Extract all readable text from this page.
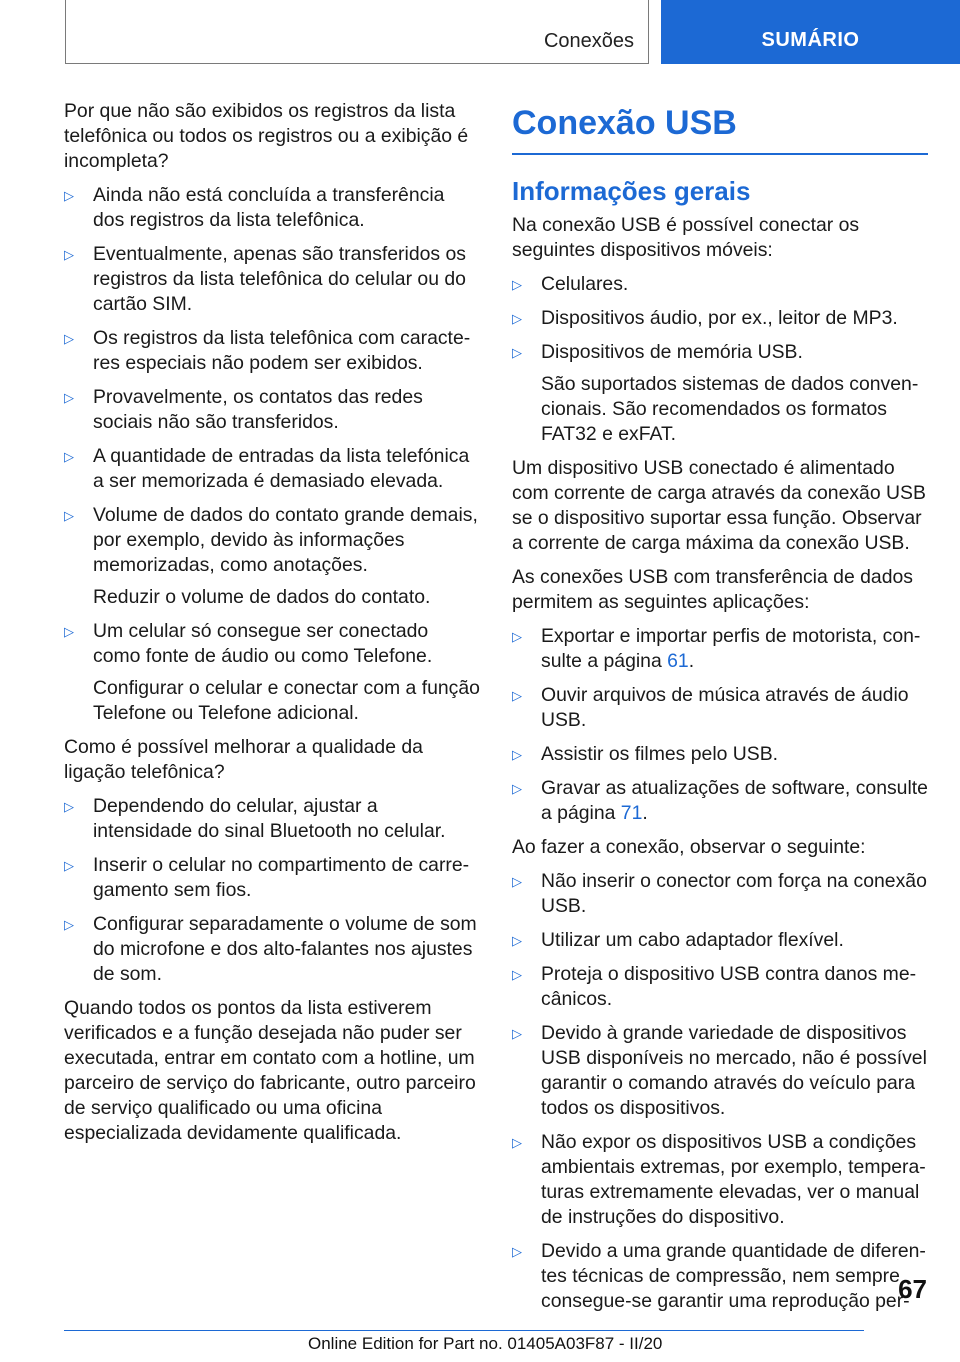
Conexões	SUMÁRIO

Por que não são exibidos os registros da lista telefônica ou todos os registros ou a exibição é incompleta?

▷ Ainda não está concluída a transferência dos registros da lista telefônica.
▷ Eventualmente, apenas são transferidos os registros da lista telefônica do celular ou do cartão SIM.
▷ Os registros da lista telefônica com caracteres especiais não podem ser exibidos.
▷ Provavelmente, os contatos das redes sociais não são transferidos.
▷ A quantidade de entradas da lista telefónica a ser memorizada é demasiado elevada.
▷ Volume de dados do contato grande demais, por exemplo, devido às informações memorizadas, como anotações.
Reduzir o volume de dados do contato.
▷ Um celular só consegue ser conectado como fonte de áudio ou como Telefone.
Configurar o celular e conectar com a função Telefone ou Telefone adicional.

Como é possível melhorar a qualidade da ligação telefônica?

▷ Dependendo do celular, ajustar a intensidade do sinal Bluetooth no celular.
▷ Inserir o celular no compartimento de carregamento sem fios.
▷ Configurar separadamente o volume de som do microfone e dos alto-falantes nos ajustes de som.

Quando todos os pontos da lista estiverem verificados e a função desejada não puder ser executada, entrar em contato com a hotline, um parceiro de serviço do fabricante, outro parceiro de serviço qualificado ou uma oficina especializada devidamente qualificada.

Conexão USB
Informações gerais

Na conexão USB é possível conectar os seguintes dispositivos móveis:

▷ Celulares.
▷ Dispositivos áudio, por ex., leitor de MP3.
▷ Dispositivos de memória USB.
São suportados sistemas de dados convencionais. São recomendados os formatos FAT32 e exFAT.

Um dispositivo USB conectado é alimentado com corrente de carga através da conexão USB se o dispositivo suportar essa função. Observar a corrente de carga máxima da conexão USB.

As conexões USB com transferência de dados permitem as seguintes aplicações:

▷ Exportar e importar perfis de motorista, consulte a página 61.
▷ Ouvir arquivos de música através de áudio USB.
▷ Assistir os filmes pelo USB.
▷ Gravar as atualizações de software, consulte a página 71.

Ao fazer a conexão, observar o seguinte:

▷ Não inserir o conector com força na conexão USB.
▷ Utilizar um cabo adaptador flexível.
▷ Proteja o dispositivo USB contra danos mecânicos.
▷ Devido à grande variedade de dispositivos USB disponíveis no mercado, não é possível garantir o comando através do veículo para todos os dispositivos.
▷ Não expor os dispositivos USB a condições ambientais extremas, por exemplo, temperaturas extremamente elevadas, ver o manual de instruções do dispositivo.
▷ Devido a uma grande quantidade de diferentes técnicas de compressão, nem sempre consegue-se garantir uma reprodução per-
67
Online Edition for Part no. 01405A03F87 - II/20
